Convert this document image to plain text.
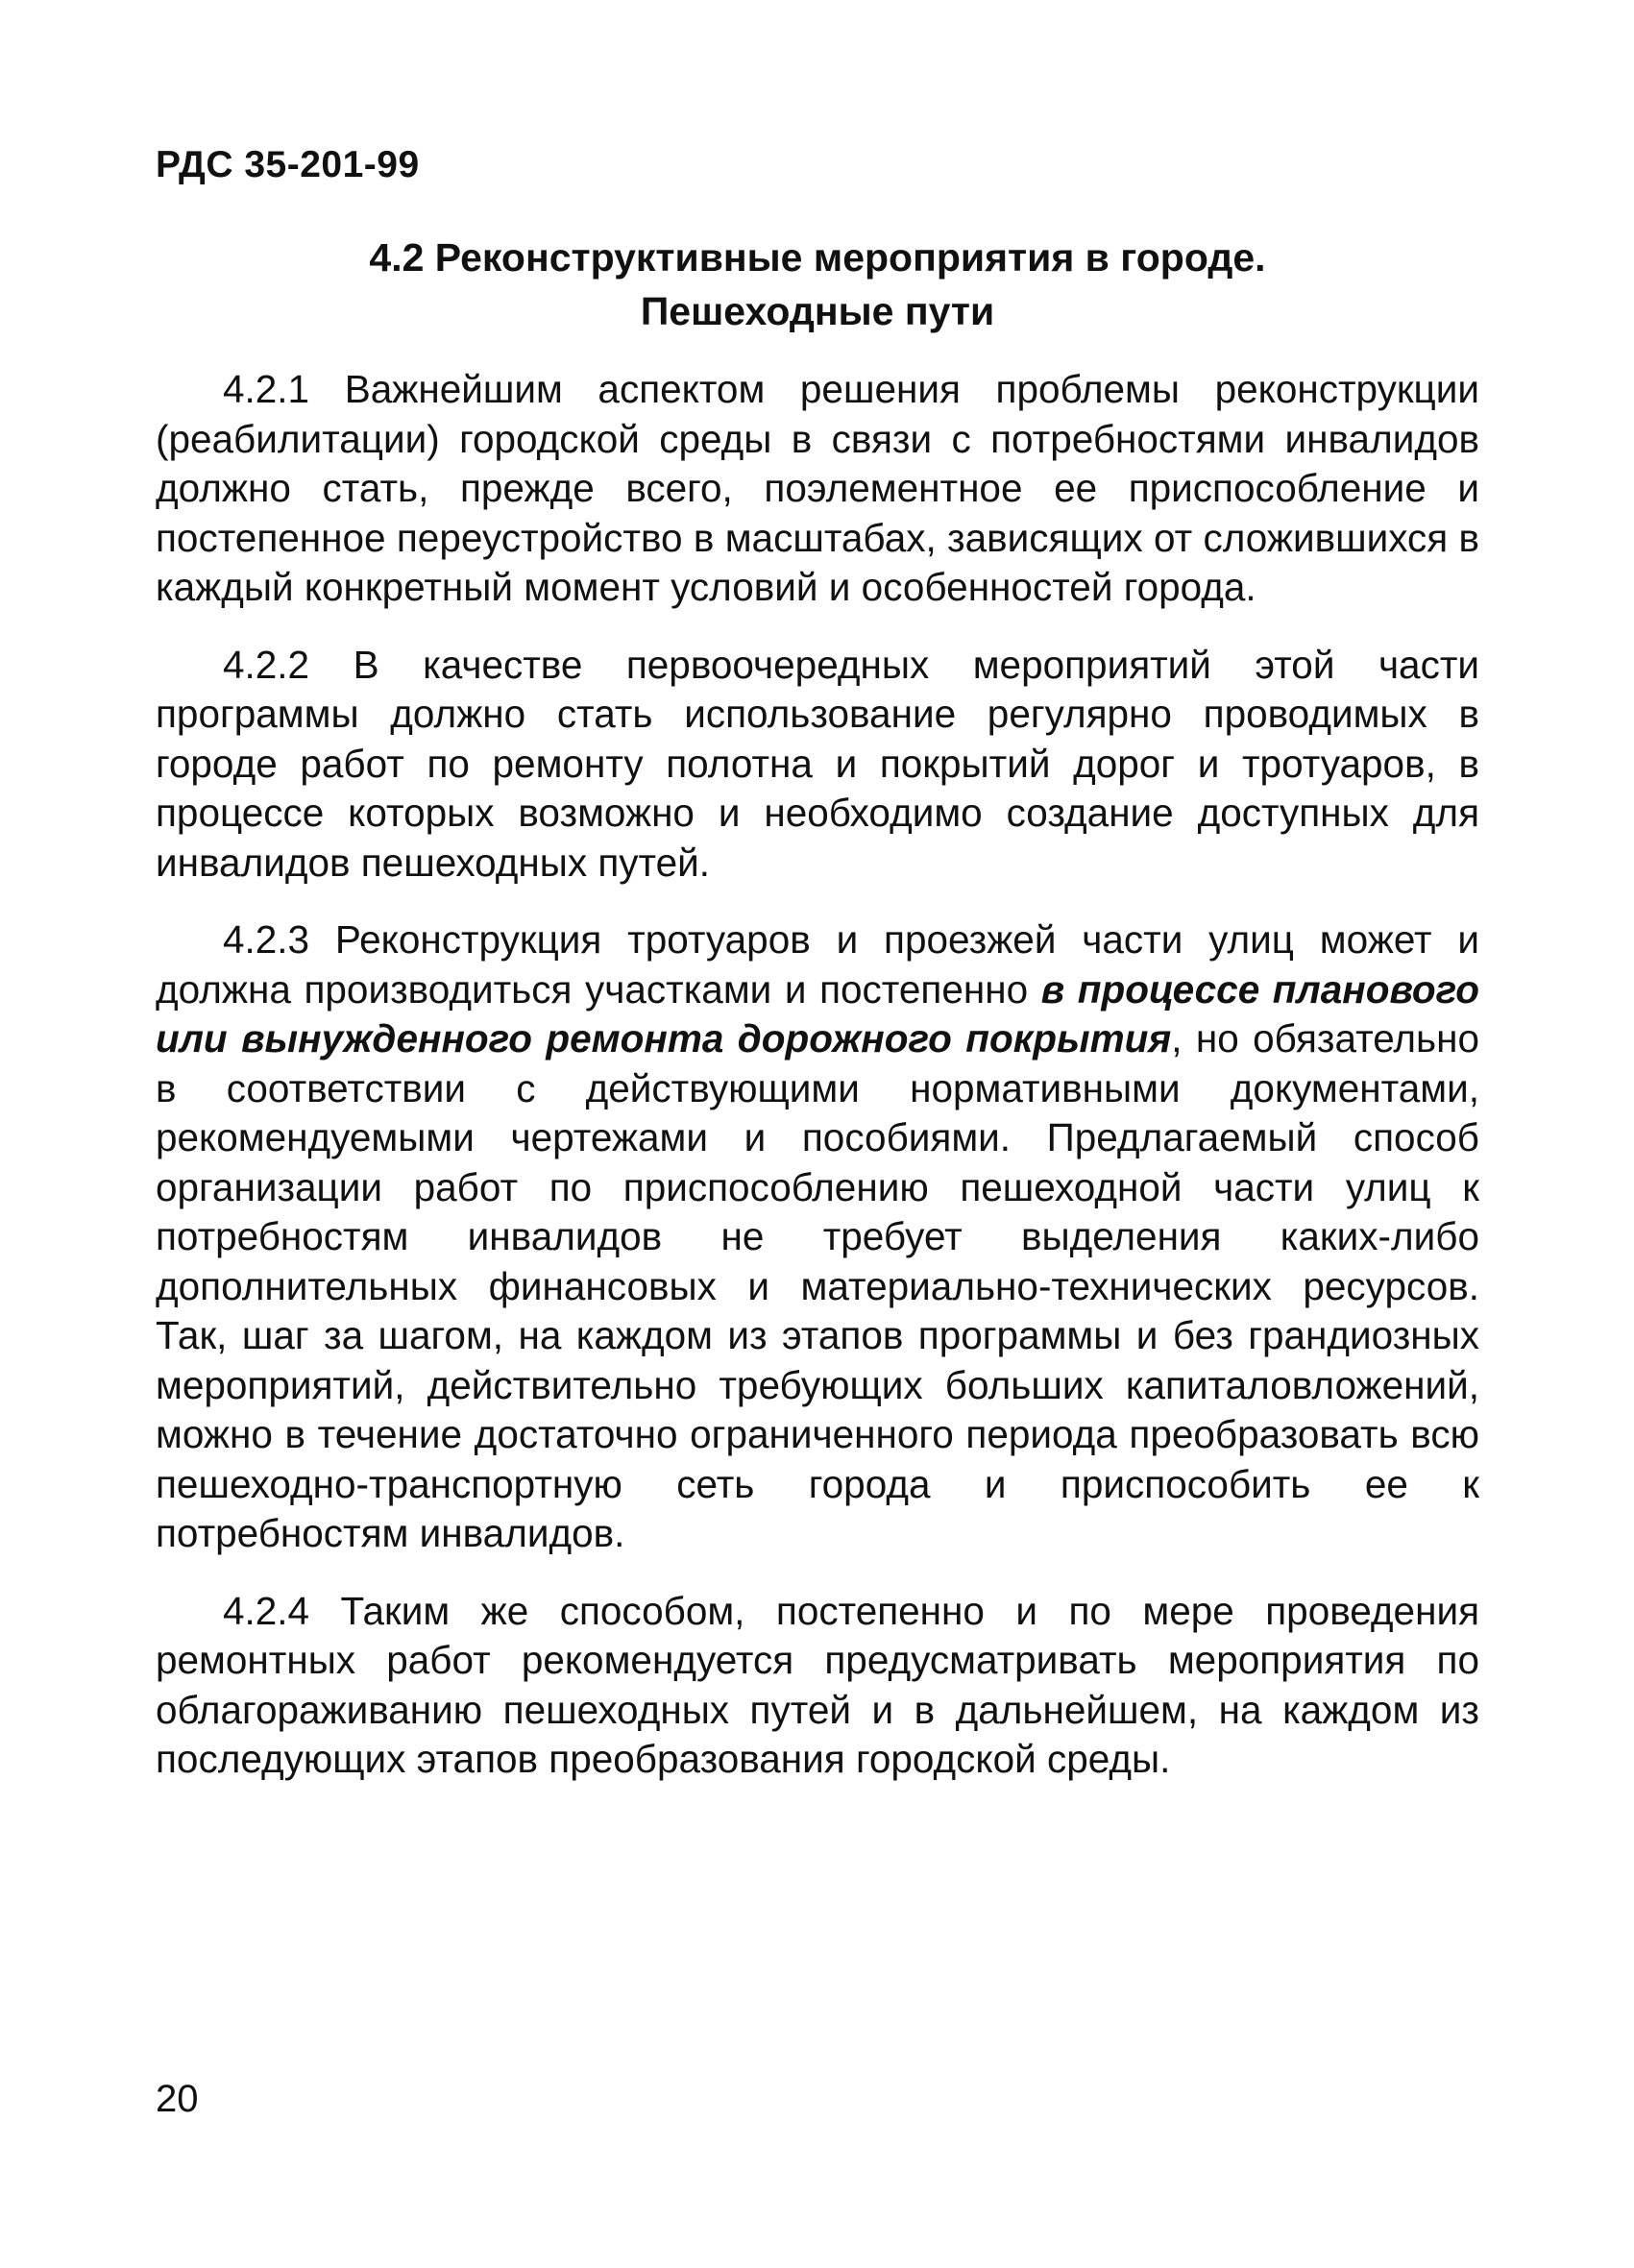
РДС 35-201-99

4.2 Реконструктивные мероприятия в городе.
Пешеходные пути

4.2.1 Важнейшим аспектом решения проблемы реконструкции (реабилитации) городской среды в связи с потребностями инвалидов должно стать, прежде всего, поэлементное ее приспособление и постепенное переустройство в масштабах, зависящих от сложившихся в каждый конкретный момент условий и особенностей города.

4.2.2 В качестве первоочередных мероприятий этой части программы должно стать использование регулярно проводимых в городе работ по ремонту полотна и покрытий дорог и тротуаров, в процессе которых возможно и необходимо создание доступных для инвалидов пешеходных путей.

4.2.3 Реконструкция тротуаров и проезжей части улиц может и должна производиться участками и постепенно в процессе планового или вынужденного ремонта дорожного покрытия, но обязательно в соответствии с действующими нормативными документами, рекомендуемыми чертежами и пособиями. Предлагаемый способ организации работ по приспособлению пешеходной части улиц к потребностям инвалидов не требует выделения каких-либо дополнительных финансовых и материально-технических ресурсов. Так, шаг за шагом, на каждом из этапов программы и без грандиозных мероприятий, действительно требующих больших капиталовложений, можно в течение достаточно ограниченного периода преобразовать всю пешеходно-транспортную сеть города и приспособить ее к потребностям инвалидов.

4.2.4 Таким же способом, постепенно и по мере проведения ремонтных работ рекомендуется предусматривать мероприятия по облагораживанию пешеходных путей и в дальнейшем, на каждом из последующих этапов преобразования городской среды.

20
